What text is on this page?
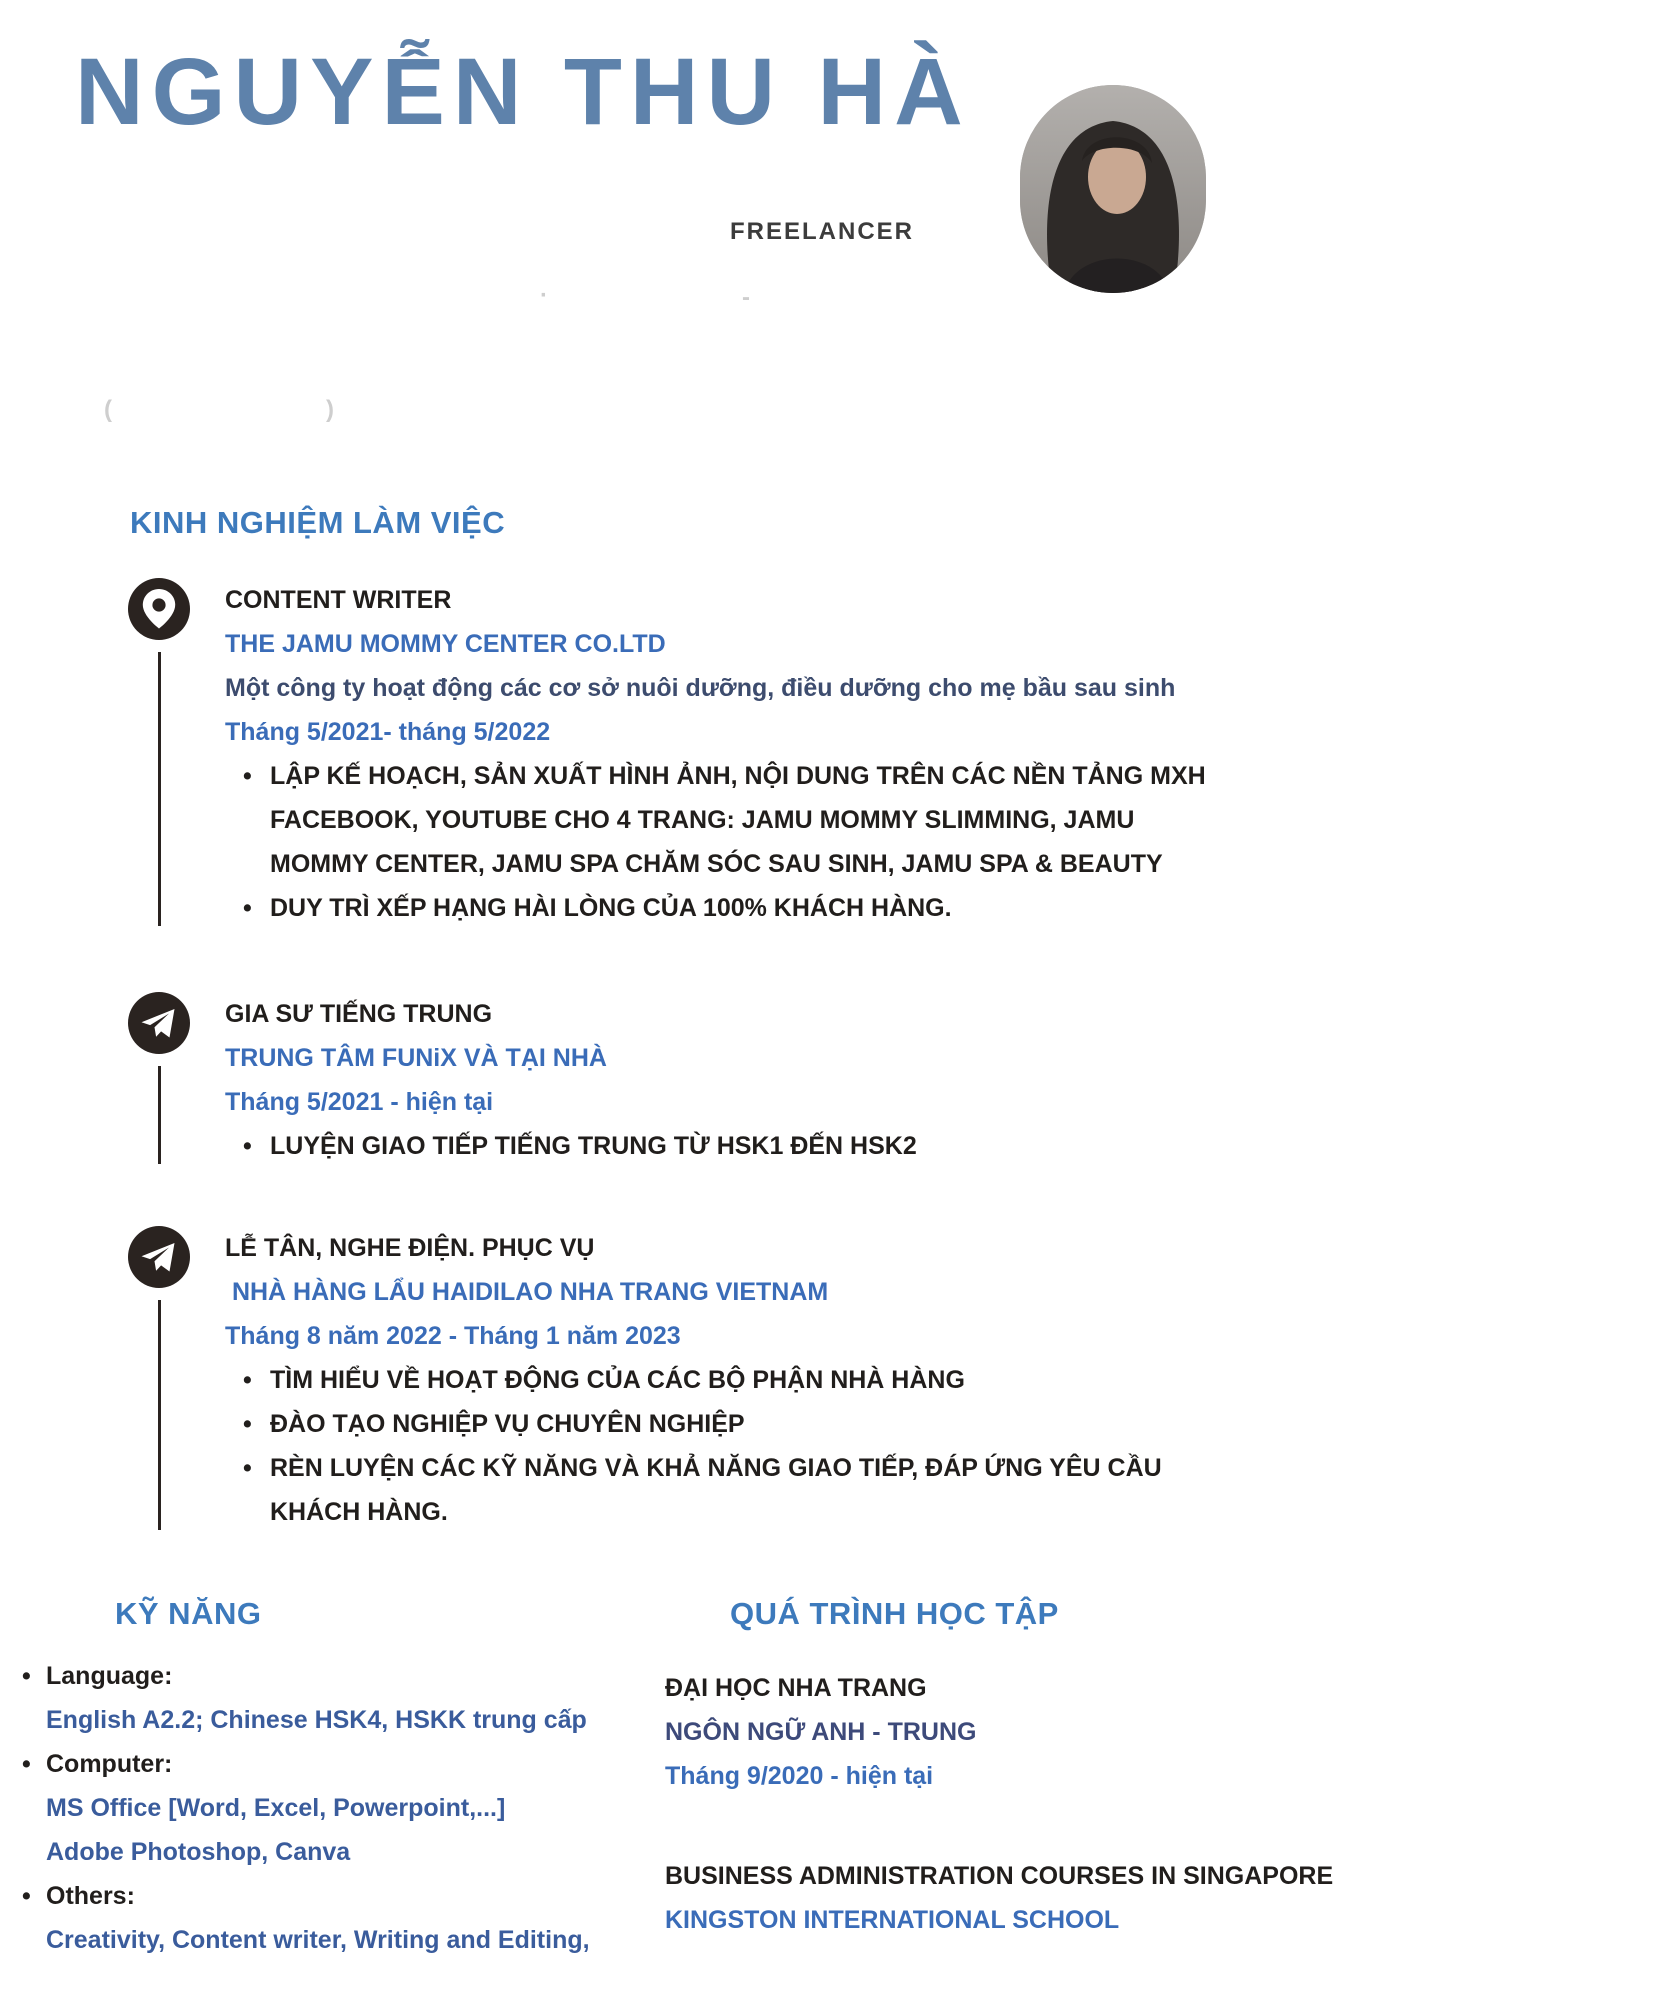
NGUYỄN THU HÀ
FREELANCER
·	-
(	)
KINH NGHIỆM LÀM VIỆC
CONTENT WRITER
THE JAMU MOMMY CENTER CO.LTD
Một công ty hoạt động các cơ sở nuôi dưỡng, điều dưỡng cho mẹ bầu sau sinh
Tháng 5/2021- tháng 5/2022
• LẬP KẾ HOẠCH, SẢN XUẤT HÌNH ẢNH, NỘI DUNG TRÊN CÁC NỀN TẢNG MXH FACEBOOK, YOUTUBE CHO 4 TRANG: JAMU MOMMY SLIMMING, JAMU MOMMY CENTER, JAMU SPA CHĂM SÓC SAU SINH, JAMU SPA & BEAUTY
• DUY TRÌ XẾP HẠNG HÀI LÒNG CỦA 100% KHÁCH HÀNG.
GIA SƯ TIẾNG TRUNG
TRUNG TÂM FUNiX VÀ TẠI NHÀ
Tháng 5/2021 - hiện tại
• LUYỆN GIAO TIẾP TIẾNG TRUNG TỪ HSK1 ĐẾN HSK2
LỄ TÂN, NGHE ĐIỆN. PHỤC VỤ
NHÀ HÀNG LẨU HAIDILAO NHA TRANG VIETNAM
Tháng 8 năm 2022 - Tháng 1 năm 2023
• TÌM HIỂU VỀ HOẠT ĐỘNG CỦA CÁC BỘ PHẬN NHÀ HÀNG
• ĐÀO TẠO NGHIỆP VỤ CHUYÊN NGHIỆP
• RÈN LUYỆN CÁC KỸ NĂNG VÀ KHẢ NĂNG GIAO TIẾP, ĐÁP ỨNG YÊU CẦU KHÁCH HÀNG.
KỸ NĂNG
• Language:
English A2.2; Chinese HSK4, HSKK trung cấp
• Computer:
MS Office [Word, Excel, Powerpoint,...]
Adobe Photoshop, Canva
• Others:
Creativity, Content writer, Writing and Editing,
QUÁ TRÌNH HỌC TẬP
ĐẠI HỌC NHA TRANG
NGÔN NGỮ ANH - TRUNG
Tháng 9/2020 - hiện tại
BUSINESS ADMINISTRATION COURSES IN SINGAPORE
KINGSTON INTERNATIONAL SCHOOL
